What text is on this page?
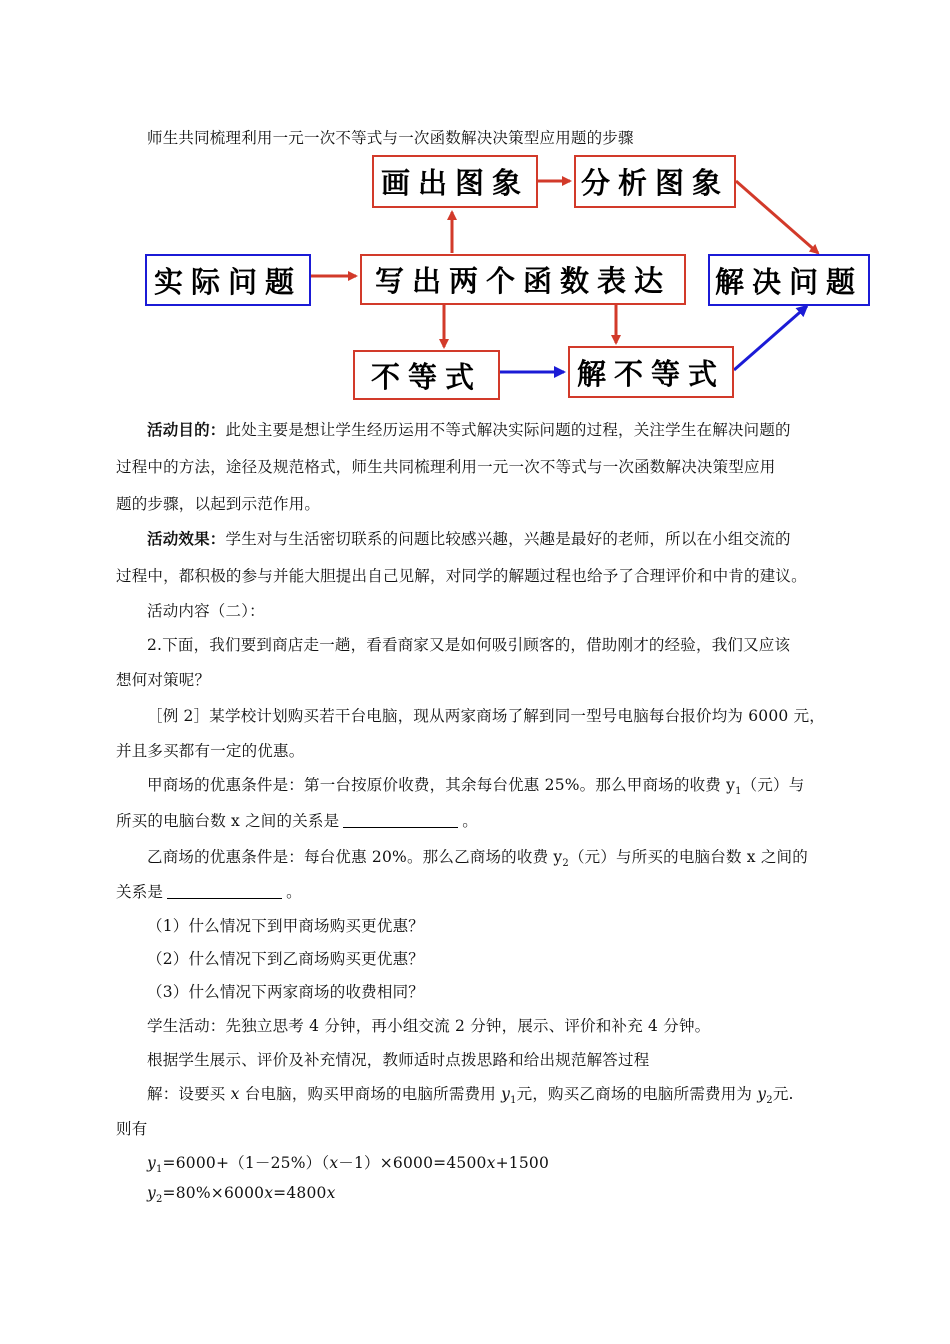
师生共同梳理利用一元一次不等式与一次函数解决决策型应用题的步骤
画出图象	分析图象
实际问题	写出两个函数表达	解决问题
不等式	解不等式
活动目的：此处主要是想让学生经历运用不等式解决实际问题的过程，关注学生在解决问题的
过程中的方法，途径及规范格式，师生共同梳理利用一元一次不等式与一次函数解决决策型应用
题的步骤，以起到示范作用。
活动效果：学生对与生活密切联系的问题比较感兴趣，兴趣是最好的老师，所以在小组交流的
过程中，都积极的参与并能大胆提出自己见解，对同学的解题过程也给予了合理评价和中肯的建议。
活动内容（二）：
2.下面，我们要到商店走一趟，看看商家又是如何吸引顾客的，借助刚才的经验，我们又应该
想何对策呢？
［例 2］某学校计划购买若干台电脑，现从两家商场了解到同一型号电脑每台报价均为 6000 元，
并且多买都有一定的优惠。
甲商场的优惠条件是：第一台按原价收费，其余每台优惠 25%。那么甲商场的收费 $y_1$（元）与
所买的电脑台数 x 之间的关系是	。
乙商场的优惠条件是：每台优惠 20%。那么乙商场的收费 $y_2$（元）与所买的电脑台数 x 之间的
关系是	。
（1）什么情况下到甲商场购买更优惠？
（2）什么情况下到乙商场购买更优惠？
（3）什么情况下两家商场的收费相同？
学生活动：先独立思考 4 分钟，再小组交流 2 分钟，展示、评价和补充 4 分钟。
根据学生展示、评价及补充情况，教师适时点拨思路和给出规范解答过程
解：设要买 x 台电脑，购买甲商场的电脑所需费用 $y_1$元，购买乙商场的电脑所需费用为 $y_2$元.
则有
$y_1=6000+(1-25\%)(x-1)\times 6000=4500x+1500$
$y_2=80\%\times 6000x=4800x$
